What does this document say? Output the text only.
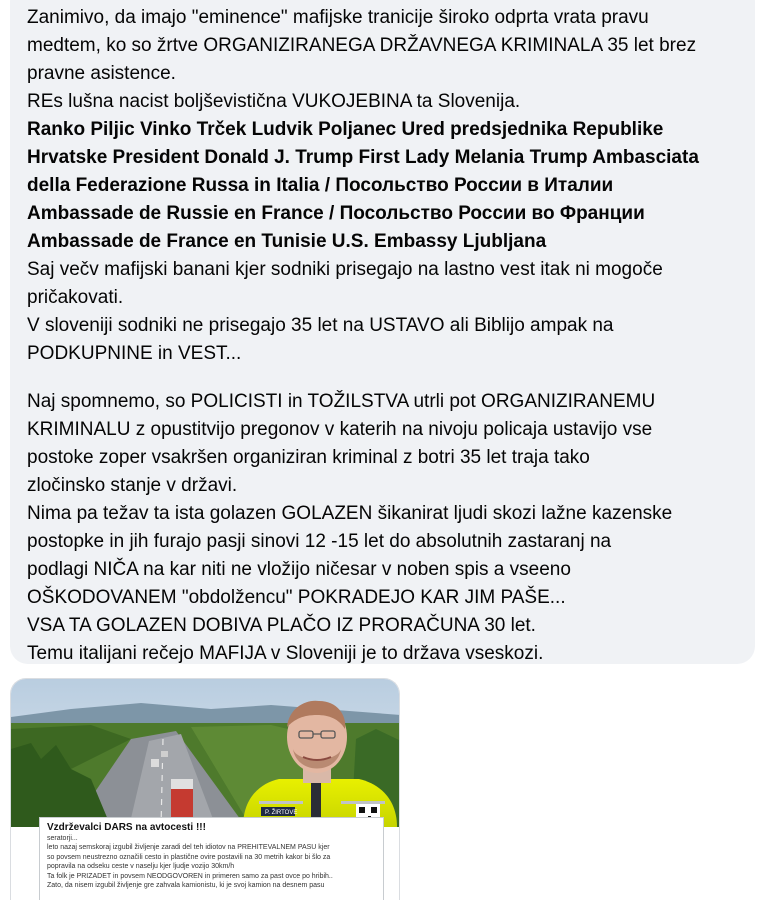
Zanimivo, da imajo "eminence" mafijske tranicije široko odprta vrata pravu
medtem, ko so žrtve ORGANIZIRANEGA DRŽAVNEGA KRIMINALA 35 let brez
pravne asistence.
REs lušna nacist boljševistična VUKOJEBINA ta Slovenija.
Ranko Piljic Vinko Trček Ludvik Poljanec Ured predsjednika Republike
Hrvatske President Donald J. Trump First Lady Melania Trump Ambasciata
della Federazione Russa in Italia / Посольство России в Италии
Ambassade de Russie en France / Посольство России во Франции
Ambassade de France en Tunisie U.S. Embassy Ljubljana
Saj večv mafijski banani kjer sodniki prisegajo na lastno vest itak ni mogoče
pričakovati.
V sloveniji sodniki ne prisegajo 35 let na USTAVO ali Biblijo ampak na
PODKUPNINE in VEST...

Naj spomnemo, so POLICISTI in TOŽILSTVA utrli pot ORGANIZIRANEMU
KRIMINALU z opustitvijo pregonov v katerih na nivoju policaja ustavijo vse
postoke zoper vsakršen organiziran kriminal z botri 35 let traja tako
zločinsko stanje v državi.
Nima pa težav ta ista golazen GOLAZEN šikanirat ljudi skozi lažne kazenske
postopke in jih furajo pasji sinovi 12 -15 let do absolutnih zastaranj na
podlagi NIČA na kar niti ne vložijo ničesar v noben spis a vseeno
OŠKODOVANEM "obdolžencu" POKRADEJO KAR JIM PAŠE...
VSA TA GOLAZEN DOBIVA PLAČO IZ PRORAČUNA 30 let.
Temu italijani rečejo MAFIJA v Sloveniji je to država vseskozi.

P. ŽIRTOVE
Vzdrževalci DARS na avtocesti !!!
seratorji...
leto nazaj semskoraj izgubil življenje zaradi del teh idiotov na PREHITEVALNEM PASU kjer
so povsem neustrezno označili cesto in plastične ovire postavili na 30 metrih kakor bi šlo za
popravila na odseku ceste v naselju kjer ljudje vozijo 30km/h
Ta folk je PRIZADET in povsem NEODGOVOREN in primeren samo za past ovce po hribih..
Zato, da nisem izgubil življenje gre zahvala kamionistu, ki je svoj kamion na desnem pasu
